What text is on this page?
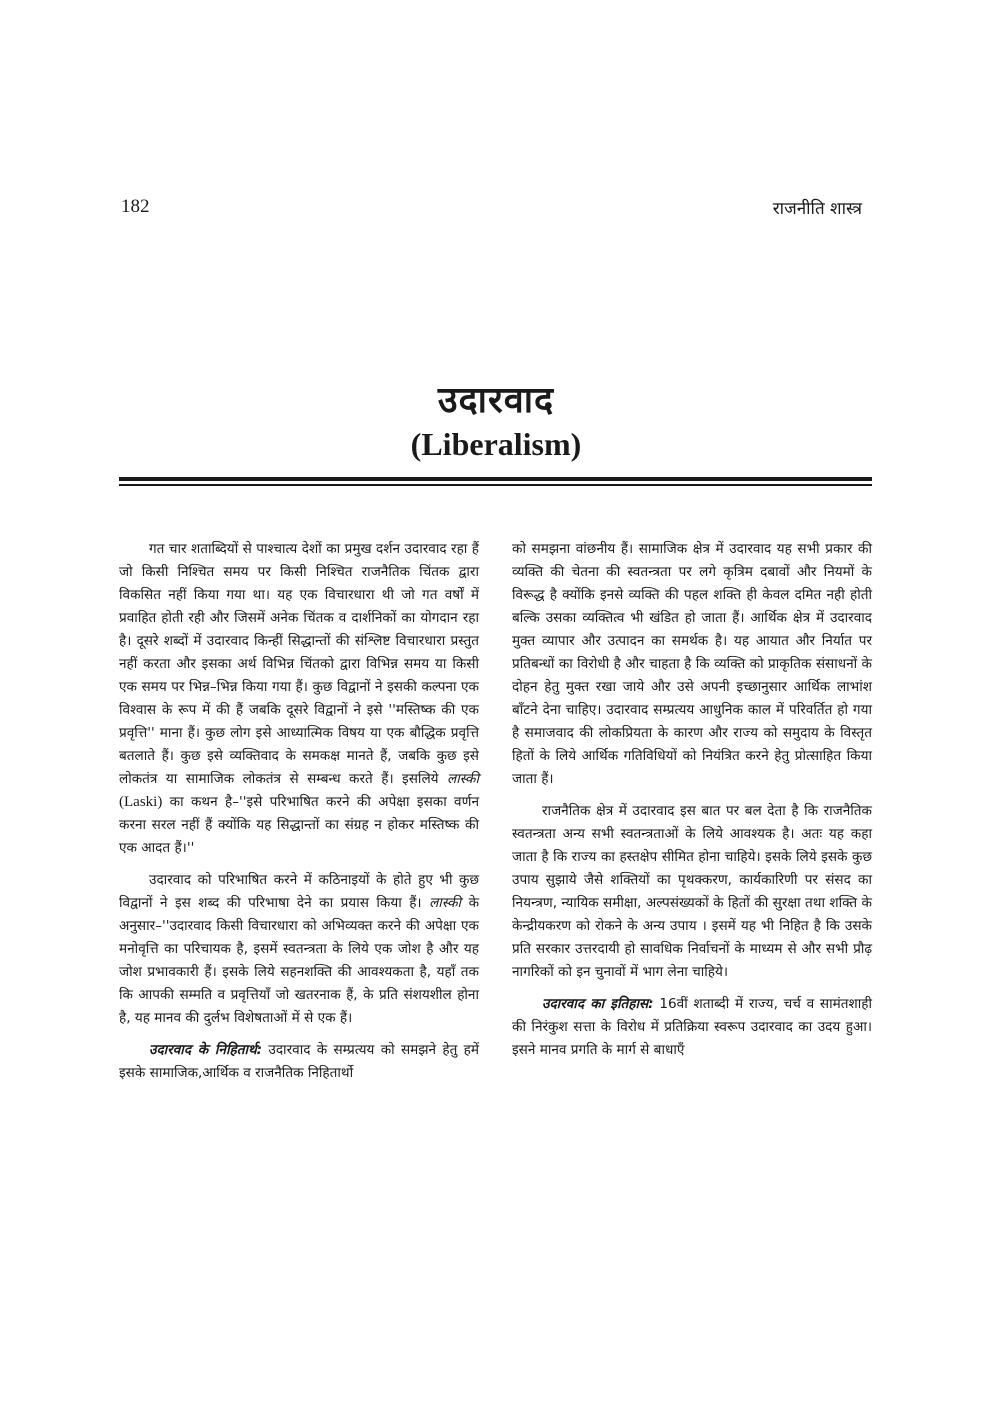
182	राजनीति शास्त्र
उदारवाद
(Liberalism)

गत चार शताब्दियों से पाश्चात्य देशों का प्रमुख दर्शन उदारवाद रहा हैं जो किसी निश्चित समय पर किसी निश्चित राजनैतिक चिंतक द्वारा विकसित नहीं किया गया था। यह एक विचारधारा थी जो गत वर्षों में प्रवाहित होती रही और जिसमें अनेक चिंतक व दार्शनिकों का योगदान रहा है। दूसरे शब्दों में उदारवाद किन्हीं सिद्धान्तों की संश्लिष्ट विचारधारा प्रस्तुत नहीं करता और इसका अर्थ विभिन्न चिंतको द्वारा विभिन्न समय या किसी एक समय पर भिन्न–भिन्न किया गया हैं। कुछ विद्वानों ने इसकी कल्पना एक विश्वास के रूप में की हैं जबकि दूसरे विद्वानों ने इसे ''मस्तिष्क की एक प्रवृत्ति'' माना हैं। कुछ लोग इसे आध्यात्मिक विषय या एक बौद्धिक प्रवृत्ति बतलाते हैं। कुछ इसे व्यक्तिवाद के समकक्ष मानते हैं, जबकि कुछ इसे लोकतंत्र या सामाजिक लोकतंत्र से सम्बन्ध करते हैं। इसलिये लास्की (Laski) का कथन है–''इसे परिभाषित करने की अपेक्षा इसका वर्णन करना सरल नहीं हैं क्योंकि यह सिद्धान्तों का संग्रह न होकर मस्तिष्क की एक आदत हैं।''

उदारवाद को परिभाषित करने में कठिनाइयों के होते हुए भी कुछ विद्वानों ने इस शब्द की परिभाषा देने का प्रयास किया हैं। लास्की के अनुसार–''उदारवाद किसी विचारधारा को अभिव्यक्त करने की अपेक्षा एक मनोवृत्ति का परिचायक है, इसमें स्वतन्त्रता के लिये एक जोश है और यह जोश प्रभावकारी हैं। इसके लिये सहनशक्ति की आवश्यकता है, यहाँ तक कि आपकी सम्मति व प्रवृत्तियाँ जो खतरनाक हैं, के प्रति संशयशील होना है, यह मानव की दुर्लभ विशेषताओं में से एक हैं।

उदारवाद के निहितार्थ: उदारवाद के सम्प्रत्यय को समझने हेतु हमें इसके सामाजिक,आर्थिक व राजनैतिक निहितार्थो

को समझना वांछनीय हैं। सामाजिक क्षेत्र में उदारवाद यह सभी प्रकार की व्यक्ति की चेतना की स्वतन्त्रता पर लगे कृत्रिम दबावों और नियमों के विरूद्ध है क्योंकि इनसे व्यक्ति की पहल शक्ति ही केवल दमित नही होती बल्कि उसका व्यक्तित्व भी खंडित हो जाता हैं। आर्थिक क्षेत्र में उदारवाद मुक्त व्यापार और उत्पादन का समर्थक है। यह आयात और निर्यात पर प्रतिबन्धों का विरोधी है और चाहता है कि व्यक्ति को प्राकृतिक संसाधनों के दोहन हेतु मुक्त रखा जाये और उसे अपनी इच्छानुसार आर्थिक लाभांश बाँटने देना चाहिए। उदारवाद सम्प्रत्यय आधुनिक काल में परिवर्तित हो गया है समाजवाद की लोकप्रियता के कारण और राज्य को समुदाय के विस्तृत हितों के लिये आर्थिक गतिविधियों को नियंत्रित करने हेतु प्रोत्साहित किया जाता हैं।

राजनैतिक क्षेत्र में उदारवाद इस बात पर बल देता है कि राजनैतिक स्वतन्त्रता अन्य सभी स्वतन्त्रताओं के लिये आवश्यक है। अतः यह कहा जाता है कि राज्य का हस्तक्षेप सीमित होना चाहिये। इसके लिये इसके कुछ उपाय सुझाये जैसे शक्तियों का पृथक्करण, कार्यकारिणी पर संसद का नियन्त्रण, न्यायिक समीक्षा, अल्पसंख्यकों के हितों की सुरक्षा तथा शक्ति के केन्द्रीयकरण को रोकने के अन्य उपाय । इसमें यह भी निहित है कि उसके प्रति सरकार उत्तरदायी हो सावधिक निर्वाचनों के माध्यम से और सभी प्रौढ़ नागरिकों को इन चुनावों में भाग लेना चाहिये।

उदारवाद का इतिहास: 16वीं शताब्दी में राज्य, चर्च व सामंतशाही की निरंकुश सत्ता के विरोध में प्रतिक्रिया स्वरूप उदारवाद का उदय हुआ। इसने मानव प्रगति के मार्ग से बाधाएँ
